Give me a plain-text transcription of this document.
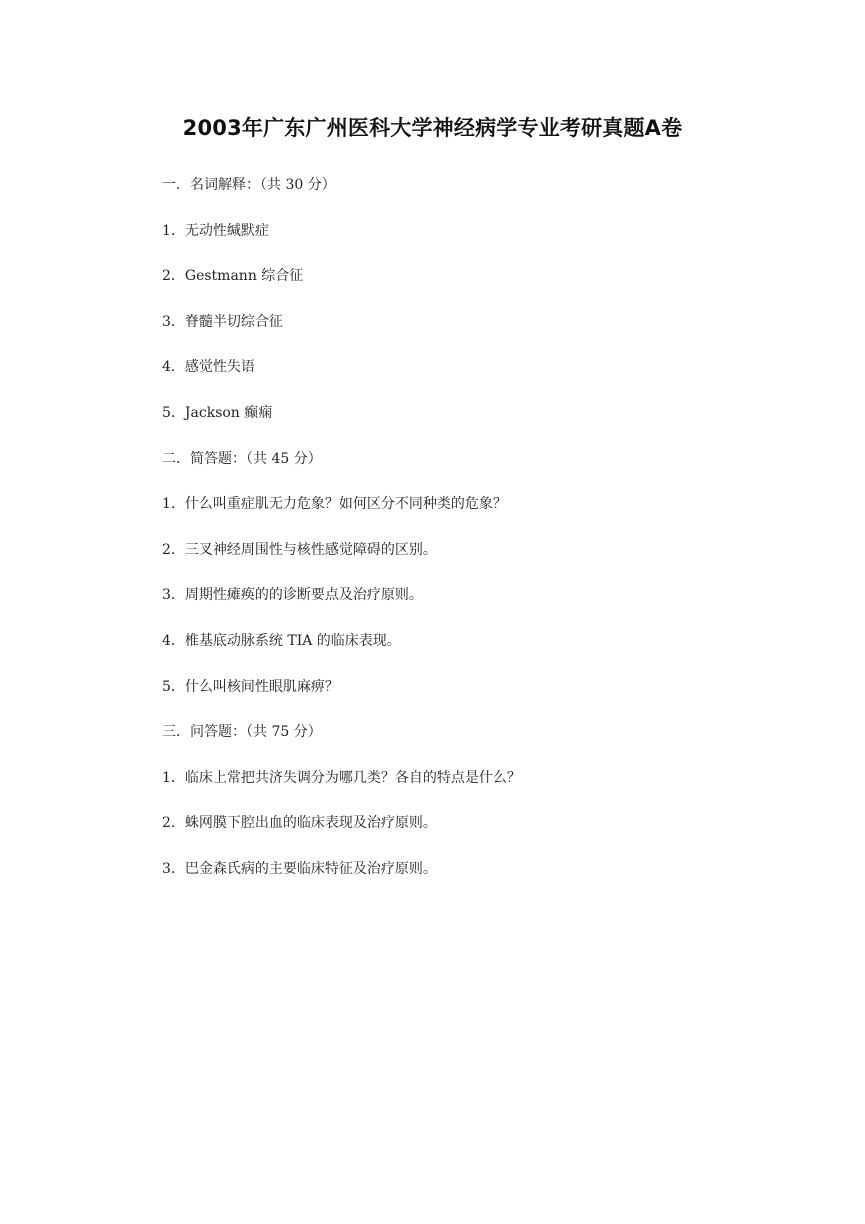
2003年广东广州医科大学神经病学专业考研真题A卷
一．名词解释：（共 30 分）
1．无动性缄默症
2．Gestmann 综合征
3．脊髓半切综合征
4．感觉性失语
5．Jackson 癫痫
二．简答题：（共 45 分）
1．什么叫重症肌无力危象？如何区分不同种类的危象？
2．三叉神经周围性与核性感觉障碍的区别。
3．周期性瘫痪的的诊断要点及治疗原则。
4．椎基底动脉系统 TIA 的临床表现。
5．什么叫核间性眼肌麻痹？
三．问答题：（共 75 分）
1．临床上常把共济失调分为哪几类？各自的特点是什么？
2．蛛网膜下腔出血的临床表现及治疗原则。
3．巴金森氏病的主要临床特征及治疗原则。
